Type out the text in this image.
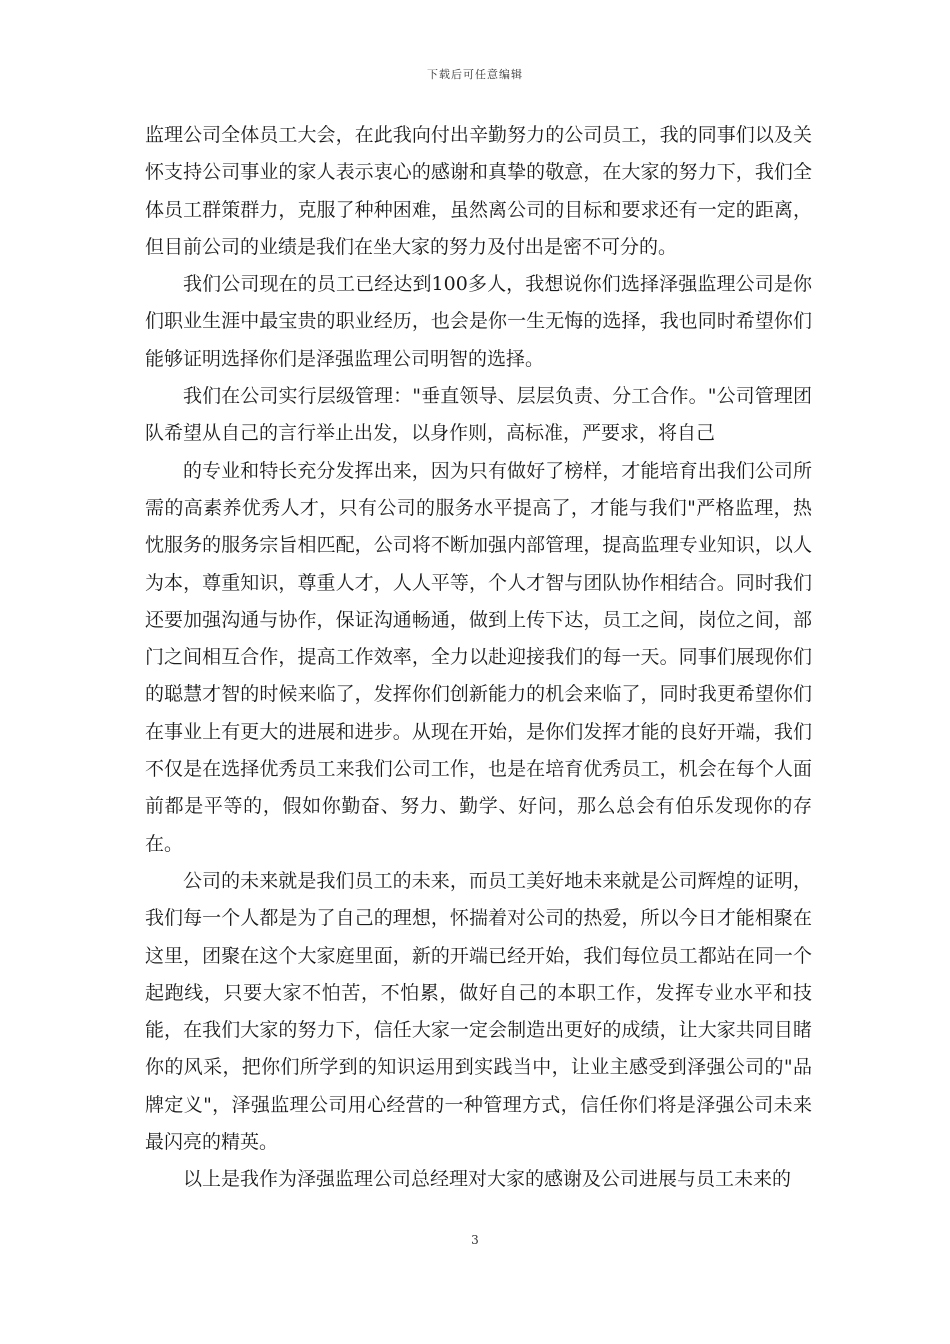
下载后可任意编辑

监理公司全体员工大会，在此我向付出辛勤努力的公司员工，我的同事们以及关怀支持公司事业的家人表示衷心的感谢和真挚的敬意，在大家的努力下，我们全体员工群策群力，克服了种种困难，虽然离公司的目标和要求还有一定的距离，但目前公司的业绩是我们在坐大家的努力及付出是密不可分的。

我们公司现在的员工已经达到100多人，我想说你们选择泽强监理公司是你们职业生涯中最宝贵的职业经历，也会是你一生无悔的选择，我也同时希望你们能够证明选择你们是泽强监理公司明智的选择。

我们在公司实行层级管理："垂直领导、层层负责、分工合作。"公司管理团队希望从自己的言行举止出发，以身作则，高标准，严要求，将自己

的专业和特长充分发挥出来，因为只有做好了榜样，才能培育出我们公司所需的高素养优秀人才，只有公司的服务水平提高了，才能与我们"严格监理，热忱服务的服务宗旨相匹配，公司将不断加强内部管理，提高监理专业知识，以人为本，尊重知识，尊重人才，人人平等，个人才智与团队协作相结合。同时我们还要加强沟通与协作，保证沟通畅通，做到上传下达，员工之间，岗位之间，部门之间相互合作，提高工作效率，全力以赴迎接我们的每一天。同事们展现你们的聪慧才智的时候来临了，发挥你们创新能力的机会来临了，同时我更希望你们在事业上有更大的进展和进步。从现在开始，是你们发挥才能的良好开端，我们不仅是在选择优秀员工来我们公司工作，也是在培育优秀员工，机会在每个人面前都是平等的，假如你勤奋、努力、勤学、好问，那么总会有伯乐发现你的存在。

公司的未来就是我们员工的未来，而员工美好地未来就是公司辉煌的证明，我们每一个人都是为了自己的理想，怀揣着对公司的热爱，所以今日才能相聚在这里，团聚在这个大家庭里面，新的开端已经开始，我们每位员工都站在同一个起跑线，只要大家不怕苦，不怕累，做好自己的本职工作，发挥专业水平和技能，在我们大家的努力下，信任大家一定会制造出更好的成绩，让大家共同目睹你的风采，把你们所学到的知识运用到实践当中，让业主感受到泽强公司的"品牌定义"，泽强监理公司用心经营的一种管理方式，信任你们将是泽强公司未来最闪亮的精英。

以上是我作为泽强监理公司总经理对大家的感谢及公司进展与员工未来的

3
